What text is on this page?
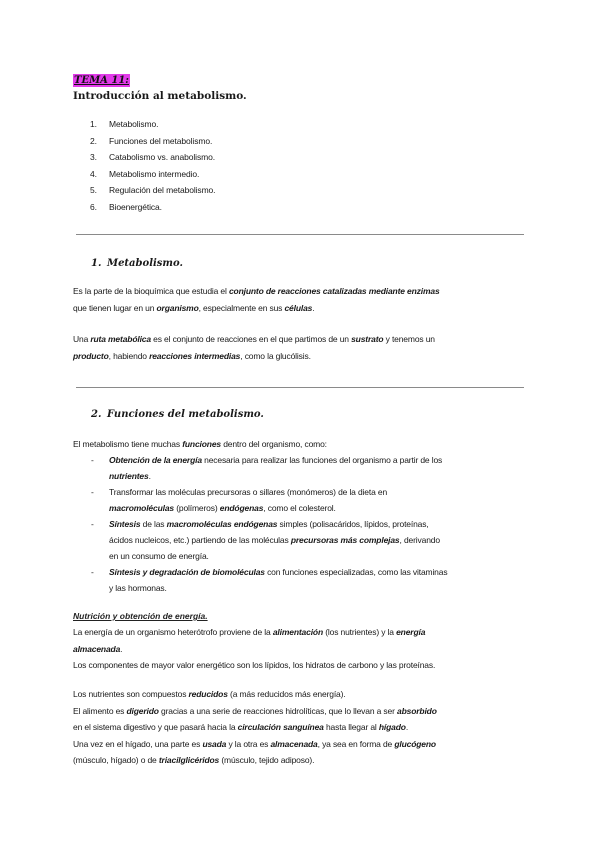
TEMA 11:
Introducción al metabolismo.
1. Metabolismo.
2. Funciones del metabolismo.
3. Catabolismo vs. anabolismo.
4. Metabolismo intermedio.
5. Regulación del metabolismo.
6. Bioenergética.
1. Metabolismo.

Es la parte de la bioquímica que estudia el conjunto de reacciones catalizadas mediante enzimas
que tienen lugar en un organismo, especialmente en sus células.

Una ruta metabólica es el conjunto de reacciones en el que partimos de un sustrato y tenemos un
producto, habiendo reacciones intermedias, como la glucólisis.

2. Funciones del metabolismo.

El metabolismo tiene muchas funciones dentro del organismo, como:

- Obtención de la energía necesaria para realizar las funciones del organismo a partir de los
nutrientes.
- Transformar las moléculas precursoras o sillares (monómeros) de la dieta en
macromoléculas (polímeros) endógenas, como el colesterol.
- Síntesis de las macromoléculas endógenas simples (polisacáridos, lípidos, proteínas,
ácidos nucleicos, etc.) partiendo de las moléculas precursoras más complejas, derivando
en un consumo de energía.
- Síntesis y degradación de biomoléculas con funciones especializadas, como las vitaminas
y las hormonas.
Nutrición y obtención de energía.

La energía de un organismo heterótrofo proviene de la alimentación (los nutrientes) y la energía
almacenada.
Los componentes de mayor valor energético son los lípidos, los hidratos de carbono y las proteínas.

Los nutrientes son compuestos reducidos (a más reducidos más energía).
El alimento es digerido gracias a una serie de reacciones hidrolíticas, que lo llevan a ser absorbido
en el sistema digestivo y que pasará hacia la circulación sanguínea hasta llegar al hígado.
Una vez en el hígado, una parte es usada y la otra es almacenada, ya sea en forma de glucógeno
(músculo, hígado) o de triacilglicéridos (músculo, tejido adiposo).
